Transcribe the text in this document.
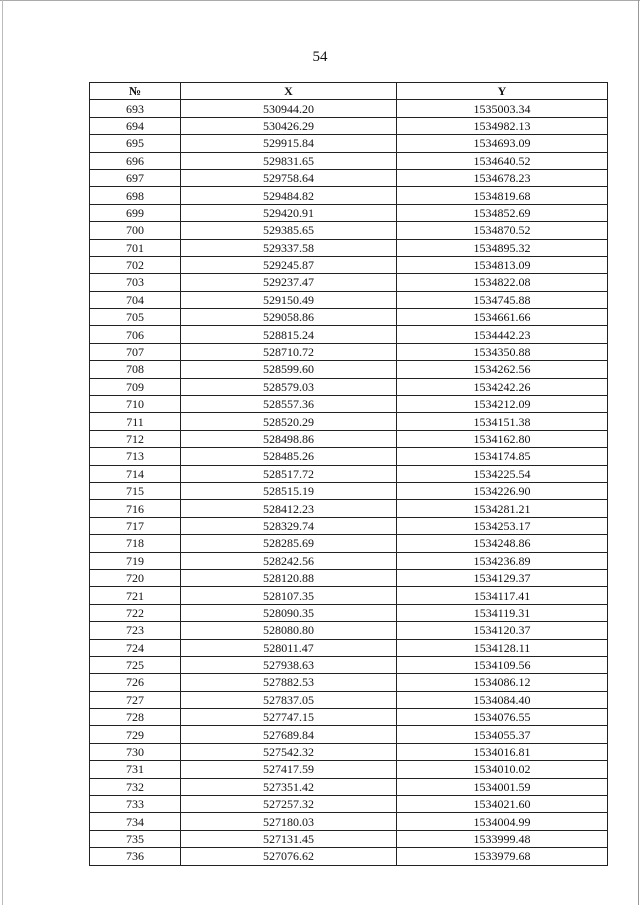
54
№	X	Y
693	530944.20	1535003.34
694	530426.29	1534982.13
695	529915.84	1534693.09
696	529831.65	1534640.52
697	529758.64	1534678.23
698	529484.82	1534819.68
699	529420.91	1534852.69
700	529385.65	1534870.52
701	529337.58	1534895.32
702	529245.87	1534813.09
703	529237.47	1534822.08
704	529150.49	1534745.88
705	529058.86	1534661.66
706	528815.24	1534442.23
707	528710.72	1534350.88
708	528599.60	1534262.56
709	528579.03	1534242.26
710	528557.36	1534212.09
711	528520.29	1534151.38
712	528498.86	1534162.80
713	528485.26	1534174.85
714	528517.72	1534225.54
715	528515.19	1534226.90
716	528412.23	1534281.21
717	528329.74	1534253.17
718	528285.69	1534248.86
719	528242.56	1534236.89
720	528120.88	1534129.37
721	528107.35	1534117.41
722	528090.35	1534119.31
723	528080.80	1534120.37
724	528011.47	1534128.11
725	527938.63	1534109.56
726	527882.53	1534086.12
727	527837.05	1534084.40
728	527747.15	1534076.55
729	527689.84	1534055.37
730	527542.32	1534016.81
731	527417.59	1534010.02
732	527351.42	1534001.59
733	527257.32	1534021.60
734	527180.03	1534004.99
735	527131.45	1533999.48
736	527076.62	1533979.68
